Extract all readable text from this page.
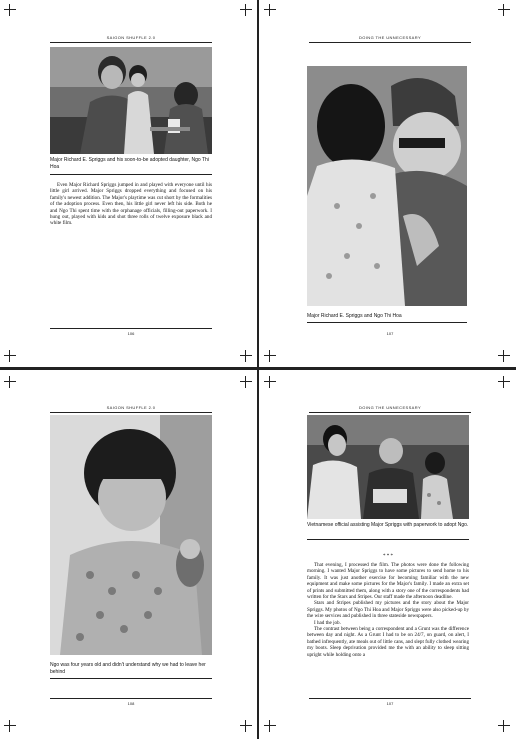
SAIGON SHUFFLE 2.0
Major Richard E. Spriggs and his soon-to-be adopted daughter, Ngo Thi Hoa

Even Major Richard Spriggs jumped in and played with everyone until his little girl arrived. Major Spriggs dropped everything and focused on his family's newest addition. The Major's playtime was cut short by the formalities of the adoption process. Even then, his little girl never left his side. Both he and Ngo Thi spent time with the orphanage officials, filling-out paperwork. I hung out, played with kids and shot three rolls of twelve exposure black and white film.

106
DOING THE UNNECESSARY
Major Richard E. Spriggs and Ngo Thi Hoa
107
SAIGON SHUFFLE 2.0
Ngo was four years old and didn't understand why we had to leave her behind
108
DOING THE UNNECESSARY
Vietnamese official assisting Major Spriggs with paperwork to adopt Ngo.
* * *

That evening, I processed the film. The photos were done the following morning. I wanted Major Spriggs to have some pictures to send home to his family. It was just another exercise for becoming familiar with the new equipment and make some pictures for the Major's family. I made an extra set of prints and submitted them, along with a story one of the correspondents had written for the Stars and Stripes. Our staff made the afternoon deadline.

Stars and Stripes published my pictures and the story about the Major Spriggs. My photos of Ngo Thi Hoa and Major Spriggs were also picked-up by the wire services and published in three stateside newspapers.

I had the job.

The contrast between being a correspondent and a Grunt was the difference between day and night. As a Grunt I had to be on 24/7, on guard, on alert, I bathed infrequently, ate meals out of little cans, and slept fully clothed wearing my boots. Sleep deprivation provided me the with an ability to sleep sitting upright while holding onto a

107
